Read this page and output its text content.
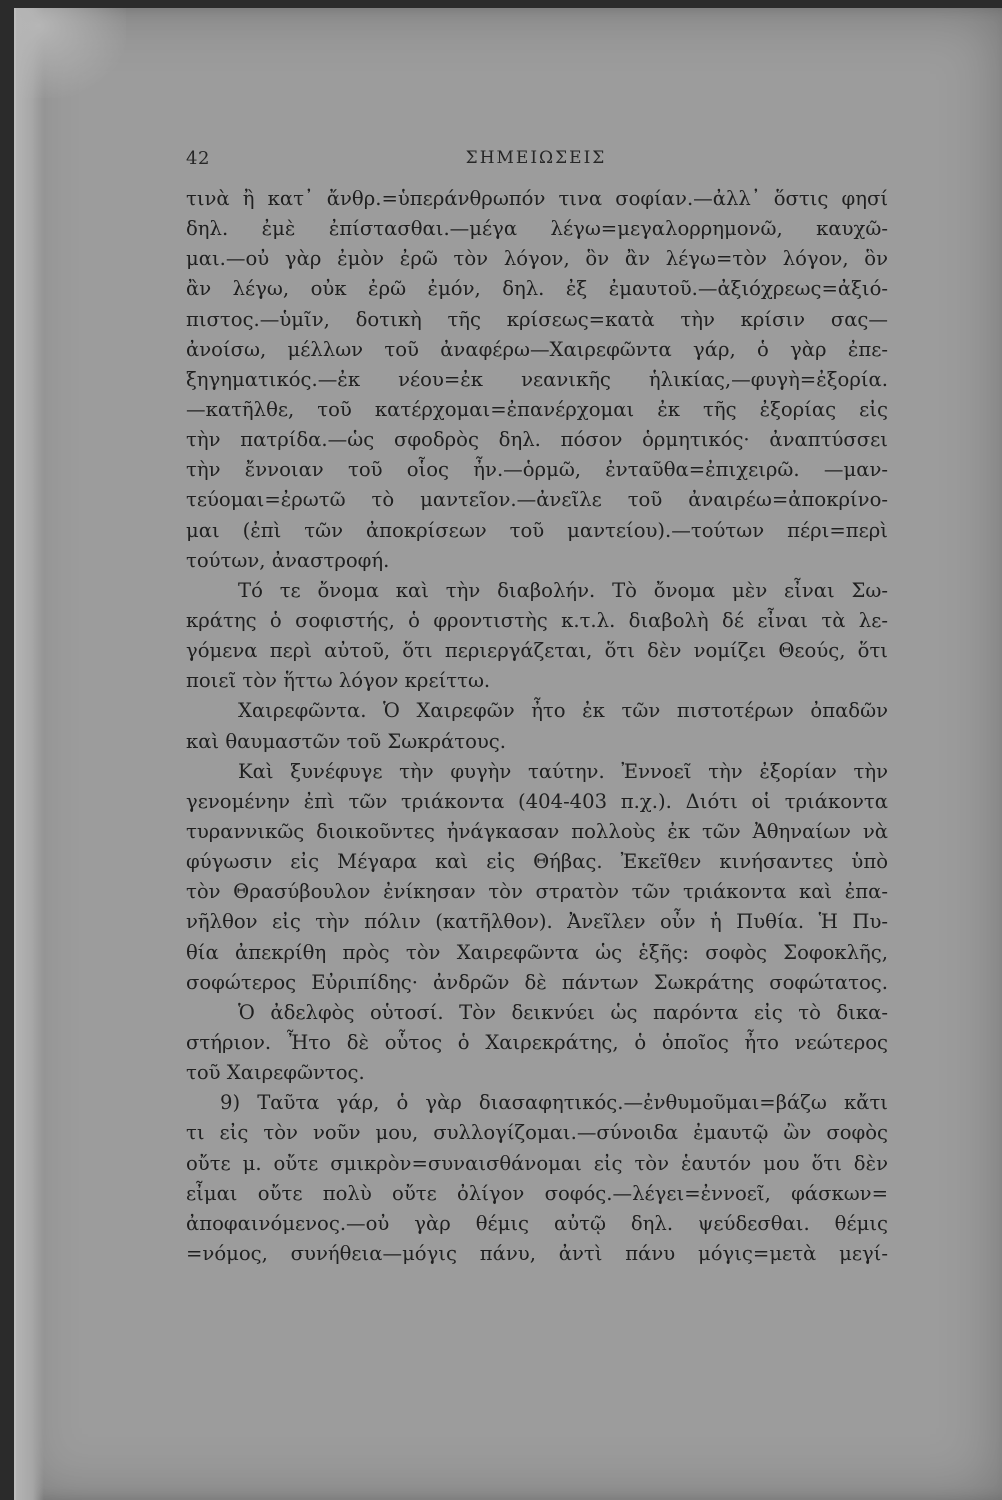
42	ΣΗΜΕΙΩΣΕΙΣ
τινὰ ἢ κατ᾽ ἄνθρ.=ὑπεράνθρωπόν τινα σοφίαν.—ἀλλ᾽ ὅστις φησί
δηλ. ἐμὲ ἐπίστασθαι.—μέγα λέγω=μεγαλορρημονῶ, καυχῶ-
μαι.—οὐ γὰρ ἐμὸν ἐρῶ τὸν λόγον, ὃν ἂν λέγω=τὸν λόγον, ὃν
ἂν λέγω, οὐκ ἐρῶ ἐμόν, δηλ. ἐξ ἐμαυτοῦ.—ἀξιόχρεως=ἀξιό-
πιστος.—ὑμῖν, δοτικὴ τῆς κρίσεως=κατὰ τὴν κρίσιν σας—
ἀνοίσω, μέλλων τοῦ ἀναφέρω—Χαιρεφῶντα γάρ, ὁ γὰρ ἐπε-
ξηγηματικός.—ἐκ νέου=ἐκ νεανικῆς ἡλικίας,—φυγὴ=ἐξορία.
—κατῆλθε, τοῦ κατέρχομαι=ἐπανέρχομαι ἐκ τῆς ἐξορίας εἰς
τὴν πατρίδα.—ὡς σφοδρὸς δηλ. πόσον ὁρμητικός· ἀναπτύσσει
τὴν ἔννοιαν τοῦ οἷος ἦν.—ὁρμῶ, ἐνταῦθα=ἐπιχειρῶ. —μαν-
τεύομαι=ἐρωτῶ τὸ μαντεῖον.—ἀνεῖλε τοῦ ἀναιρέω=ἀποκρίνο-
μαι (ἐπὶ τῶν ἀποκρίσεων τοῦ μαντείου).—τούτων πέρι=περὶ
τούτων, ἀναστροφή.
Τό τε ὄνομα καὶ τὴν διαβολήν. Τὸ ὄνομα μὲν εἶναι Σω-
κράτης ὁ σοφιστής, ὁ φροντιστὴς κ.τ.λ. διαβολὴ δέ εἶναι τὰ λε-
γόμενα περὶ αὐτοῦ, ὅτι περιεργάζεται, ὅτι δὲν νομίζει Θεούς, ὅτι
ποιεῖ τὸν ἥττω λόγον κρείττω.
Χαιρεφῶντα. Ὁ Χαιρεφῶν ἦτο ἐκ τῶν πιστοτέρων ὀπαδῶν
καὶ θαυμαστῶν τοῦ Σωκράτους.
Καὶ ξυνέφυγε τὴν φυγὴν ταύτην. Ἐννοεῖ τὴν ἐξορίαν τὴν
γενομένην ἐπὶ τῶν τριάκοντα (404-403 π.χ.). Διότι οἱ τριάκοντα
τυραννικῶς διοικοῦντες ἠνάγκασαν πολλοὺς ἐκ τῶν Ἀθηναίων νὰ
φύγωσιν εἰς Μέγαρα καὶ εἰς Θήβας. Ἐκεῖθεν κινήσαντες ὑπὸ
τὸν Θρασύβουλον ἐνίκησαν τὸν στρατὸν τῶν τριάκοντα καὶ ἐπα-
νῆλθον εἰς τὴν πόλιν (κατῆλθον). Ἀνεῖλεν οὖν ἡ Πυθία. Ἡ Πυ-
θία ἀπεκρίθη πρὸς τὸν Χαιρεφῶντα ὡς ἑξῆς: σοφὸς Σοφοκλῆς,
σοφώτερος Εὐριπίδης· ἀνδρῶν δὲ πάντων Σωκράτης σοφώτατος.
Ὁ ἀδελφὸς οὑτοσί. Τὸν δεικνύει ὡς παρόντα εἰς τὸ δικα-
στήριον. Ἦτο δὲ οὗτος ὁ Χαιρεκράτης, ὁ ὁποῖος ἦτο νεώτερος
τοῦ Χαιρεφῶντος.
9) Ταῦτα γάρ, ὁ γὰρ διασαφητικός.—ἐνθυμοῦμαι=βάζω κἄτι
τι εἰς τὸν νοῦν μου, συλλογίζομαι.—σύνοιδα ἐμαυτῷ ὢν σοφὸς
οὔτε μ. οὔτε σμικρὸν=συναισθάνομαι εἰς τὸν ἑαυτόν μου ὅτι δὲν
εἶμαι οὔτε πολὺ οὔτε ὀλίγον σοφός.—λέγει=ἐννοεῖ, φάσκων=
ἀποφαινόμενος.—οὐ γὰρ θέμις αὐτῷ δηλ. ψεύδεσθαι. θέμις
=νόμος, συνήθεια—μόγις πάνυ, ἀντὶ πάνυ μόγις=μετὰ μεγί-
